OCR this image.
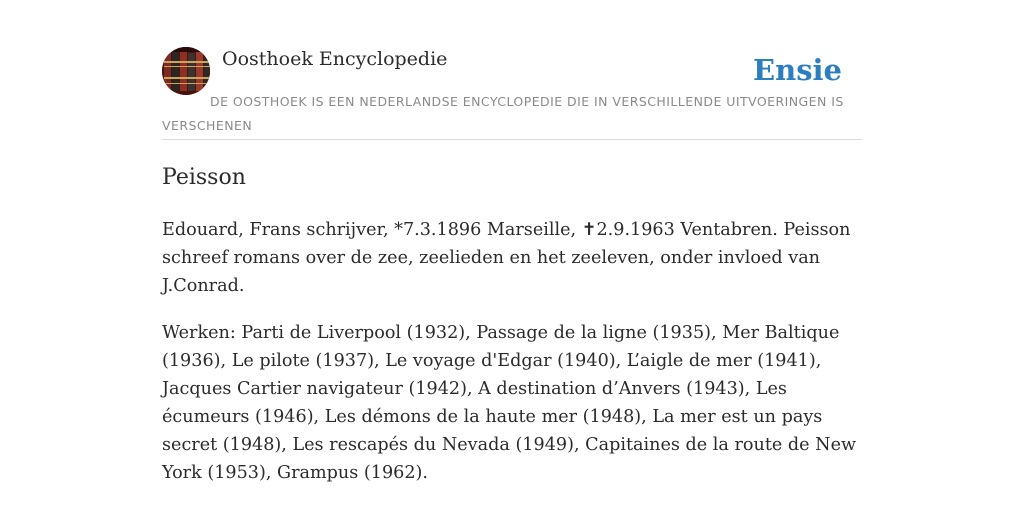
Oosthoek Encyclopedie	Ensie
DE OOSTHOEK IS EEN NEDERLANDSE ENCYCLOPEDIE DIE IN VERSCHILLENDE UITVOERINGEN IS VERSCHENEN
Peisson

Edouard, Frans schrijver, *7.3.1896 Marseille, ✝2.9.1963 Ventabren. Peisson schreef romans over de zee, zeelieden en het zeeleven, onder invloed van J.Conrad.

Werken: Parti de Liverpool (1932), Passage de la ligne (1935), Mer Baltique (1936), Le pilote (1937), Le voyage d'Edgar (1940), L’aigle de mer (1941), Jacques Cartier navigateur (1942), A destination d’Anvers (1943), Les écumeurs (1946), Les démons de la haute mer (1948), La mer est un pays secret (1948), Les rescapés du Nevada (1949), Capitaines de la route de New York (1953), Grampus (1962).
